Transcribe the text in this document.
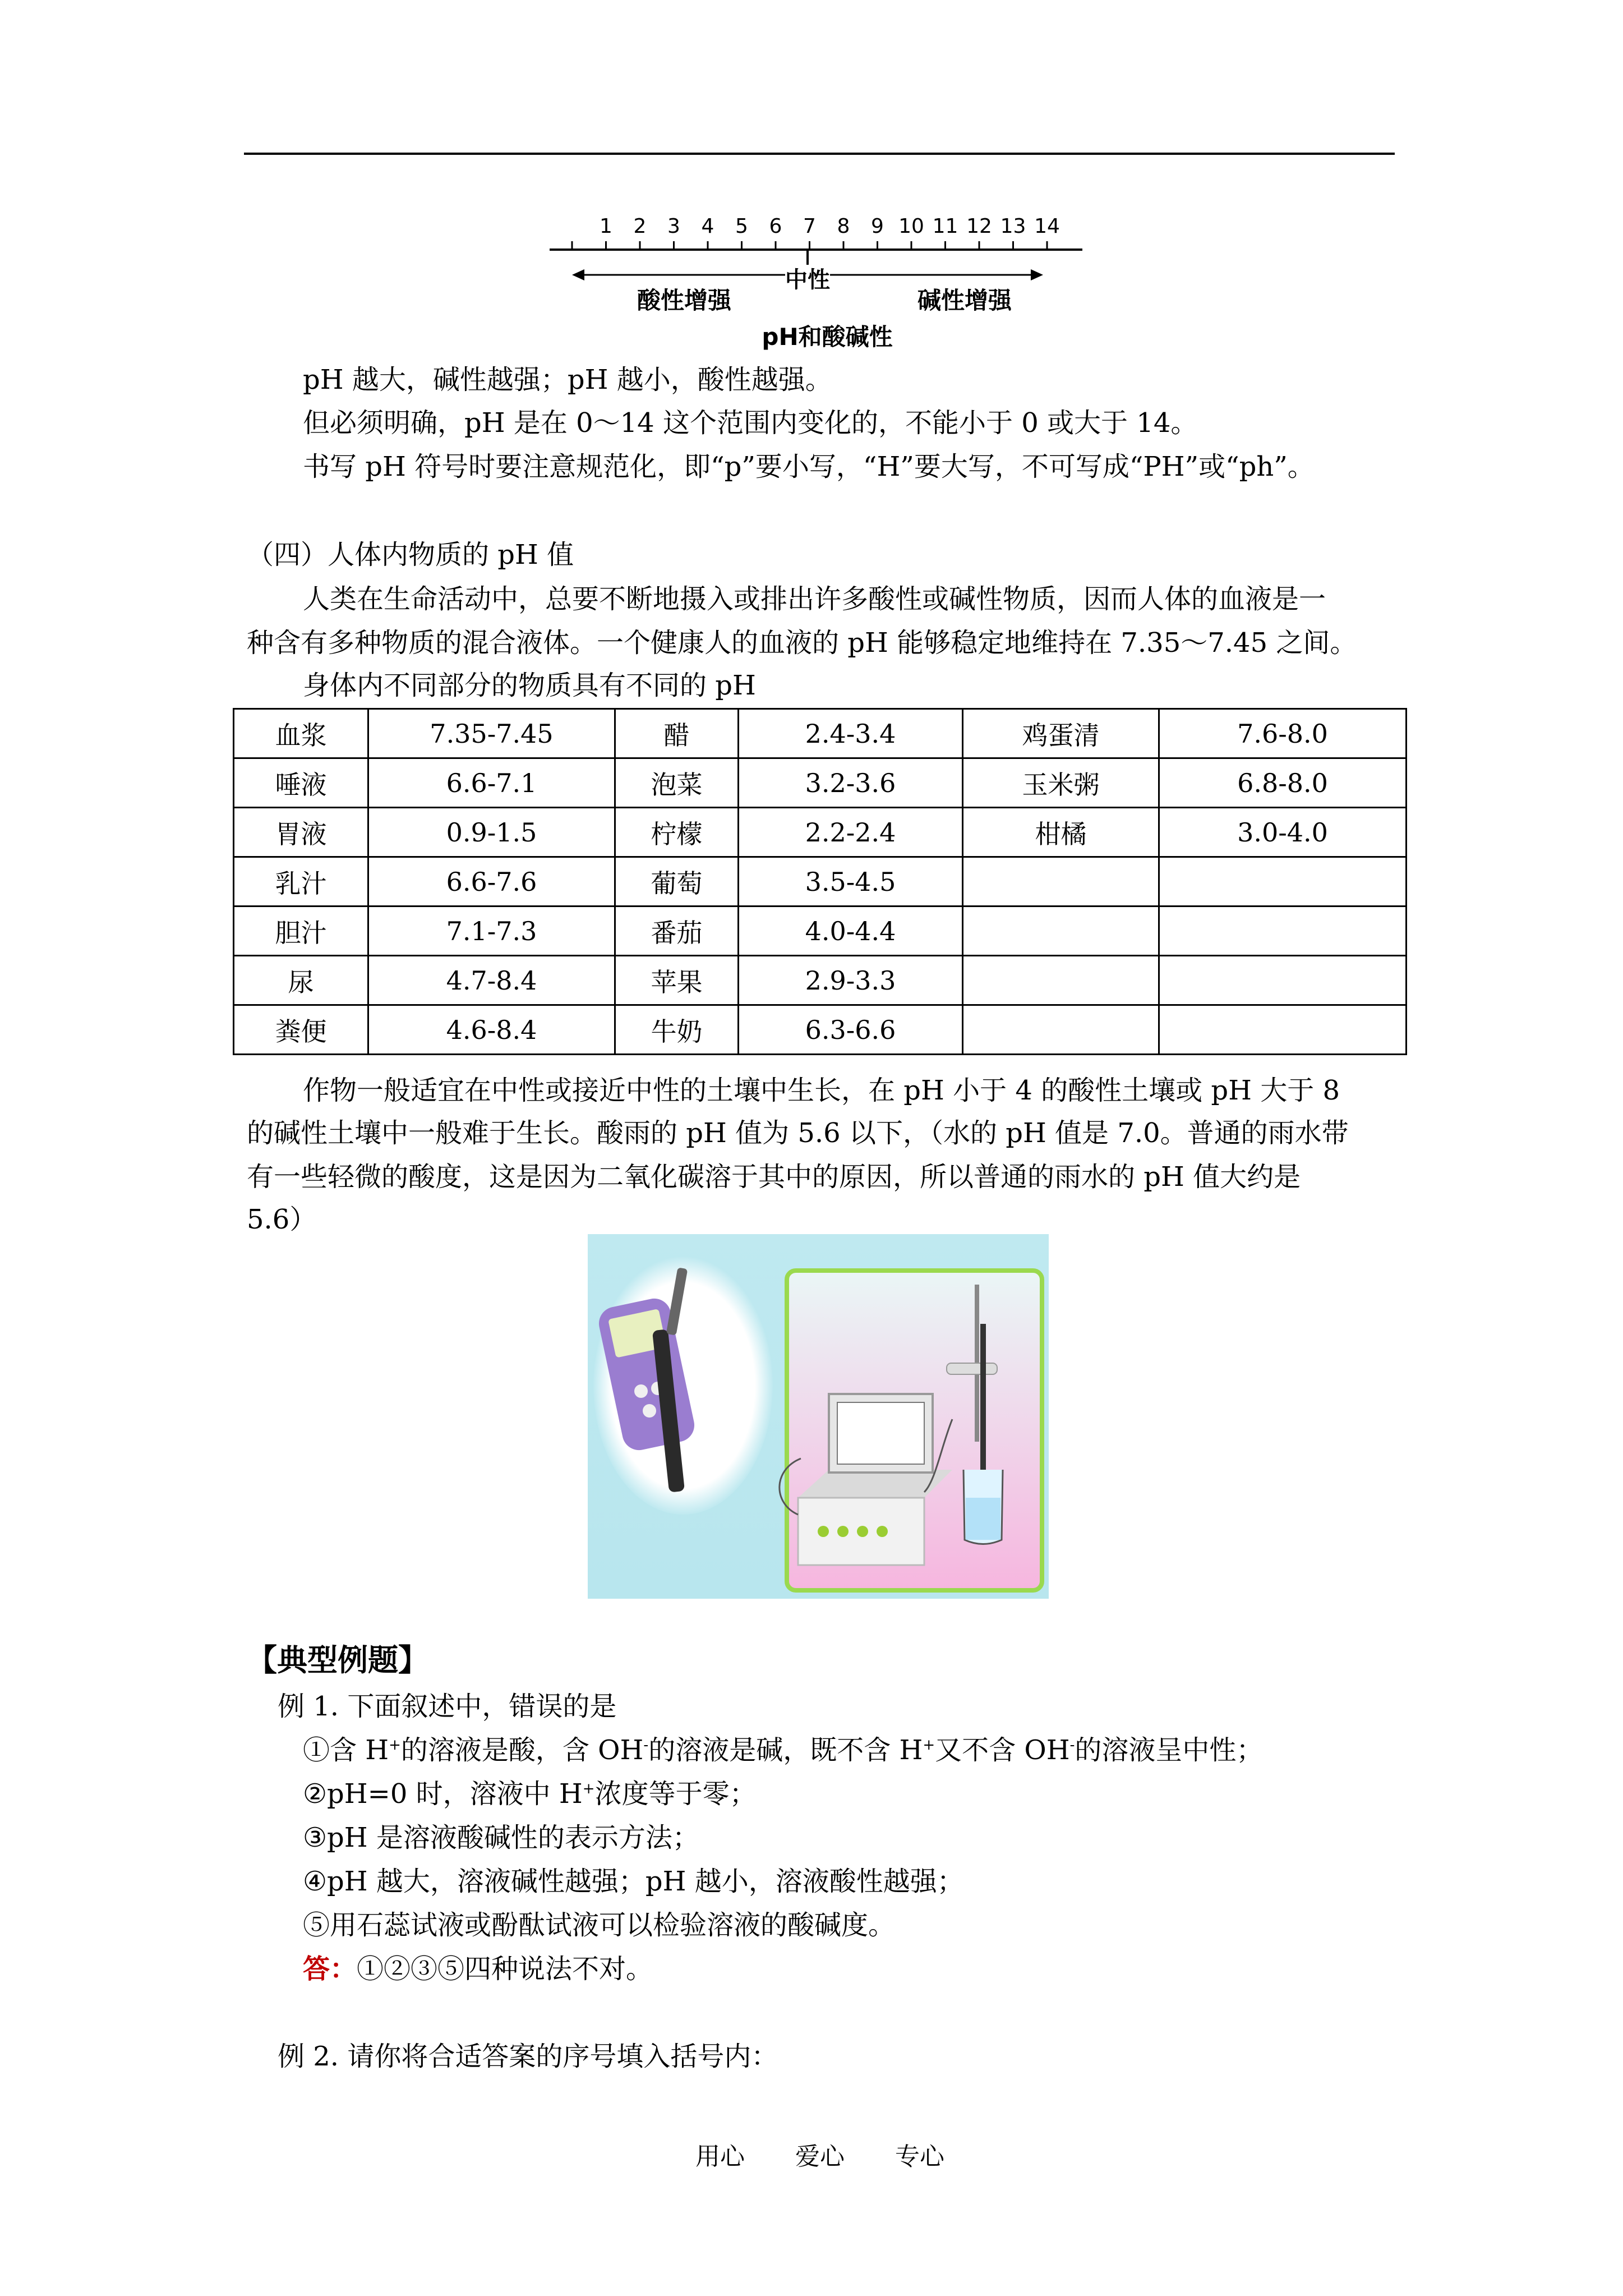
1 2 3 4 5 6 7 8 9 10 11 12 13 14
中性
酸性增强	碱性增强
pH和酸碱性
pH 越大，碱性越强；pH 越小，酸性越强。
但必须明确，pH 是在 0～14 这个范围内变化的，不能小于 0 或大于 14。
书写 pH 符号时要注意规范化，即“p”要小写，“H”要大写，不可写成“PH”或“ph”。
（四）人体内物质的 pH 值
人类在生命活动中，总要不断地摄入或排出许多酸性或碱性物质，因而人体的血液是一
种含有多种物质的混合液体。一个健康人的血液的 pH 能够稳定地维持在 7.35～7.45 之间。
身体内不同部分的物质具有不同的 pH
血浆	7.35-7.45	醋	2.4-3.4	鸡蛋清	7.6-8.0
唾液	6.6-7.1	泡菜	3.2-3.6	玉米粥	6.8-8.0
胃液	0.9-1.5	柠檬	2.2-2.4	柑橘	3.0-4.0
乳汁	6.6-7.6	葡萄	3.5-4.5		
胆汁	7.1-7.3	番茄	4.0-4.4		
尿	4.7-8.4	苹果	2.9-3.3		
粪便	4.6-8.4	牛奶	6.3-6.6		
作物一般适宜在中性或接近中性的土壤中生长，在 pH 小于 4 的酸性土壤或 pH 大于 8
的碱性土壤中一般难于生长。酸雨的 pH 值为 5.6 以下，（水的 pH 值是 7.0。普通的雨水带
有一些轻微的酸度，这是因为二氧化碳溶于其中的原因，所以普通的雨水的 pH 值大约是
5.6）
【典型例题】
例 1. 下面叙述中，错误的是
①含 H+的溶液是酸，含 OH-的溶液是碱，既不含 H+又不含 OH-的溶液呈中性；
②pH=0 时，溶液中 H+浓度等于零；
③pH 是溶液酸碱性的表示方法；
④pH 越大，溶液碱性越强；pH 越小，溶液酸性越强；
⑤用石蕊试液或酚酞试液可以检验溶液的酸碱度。
答：①②③⑤四种说法不对。
例 2. 请你将合适答案的序号填入括号内：
用心 爱心 专心
